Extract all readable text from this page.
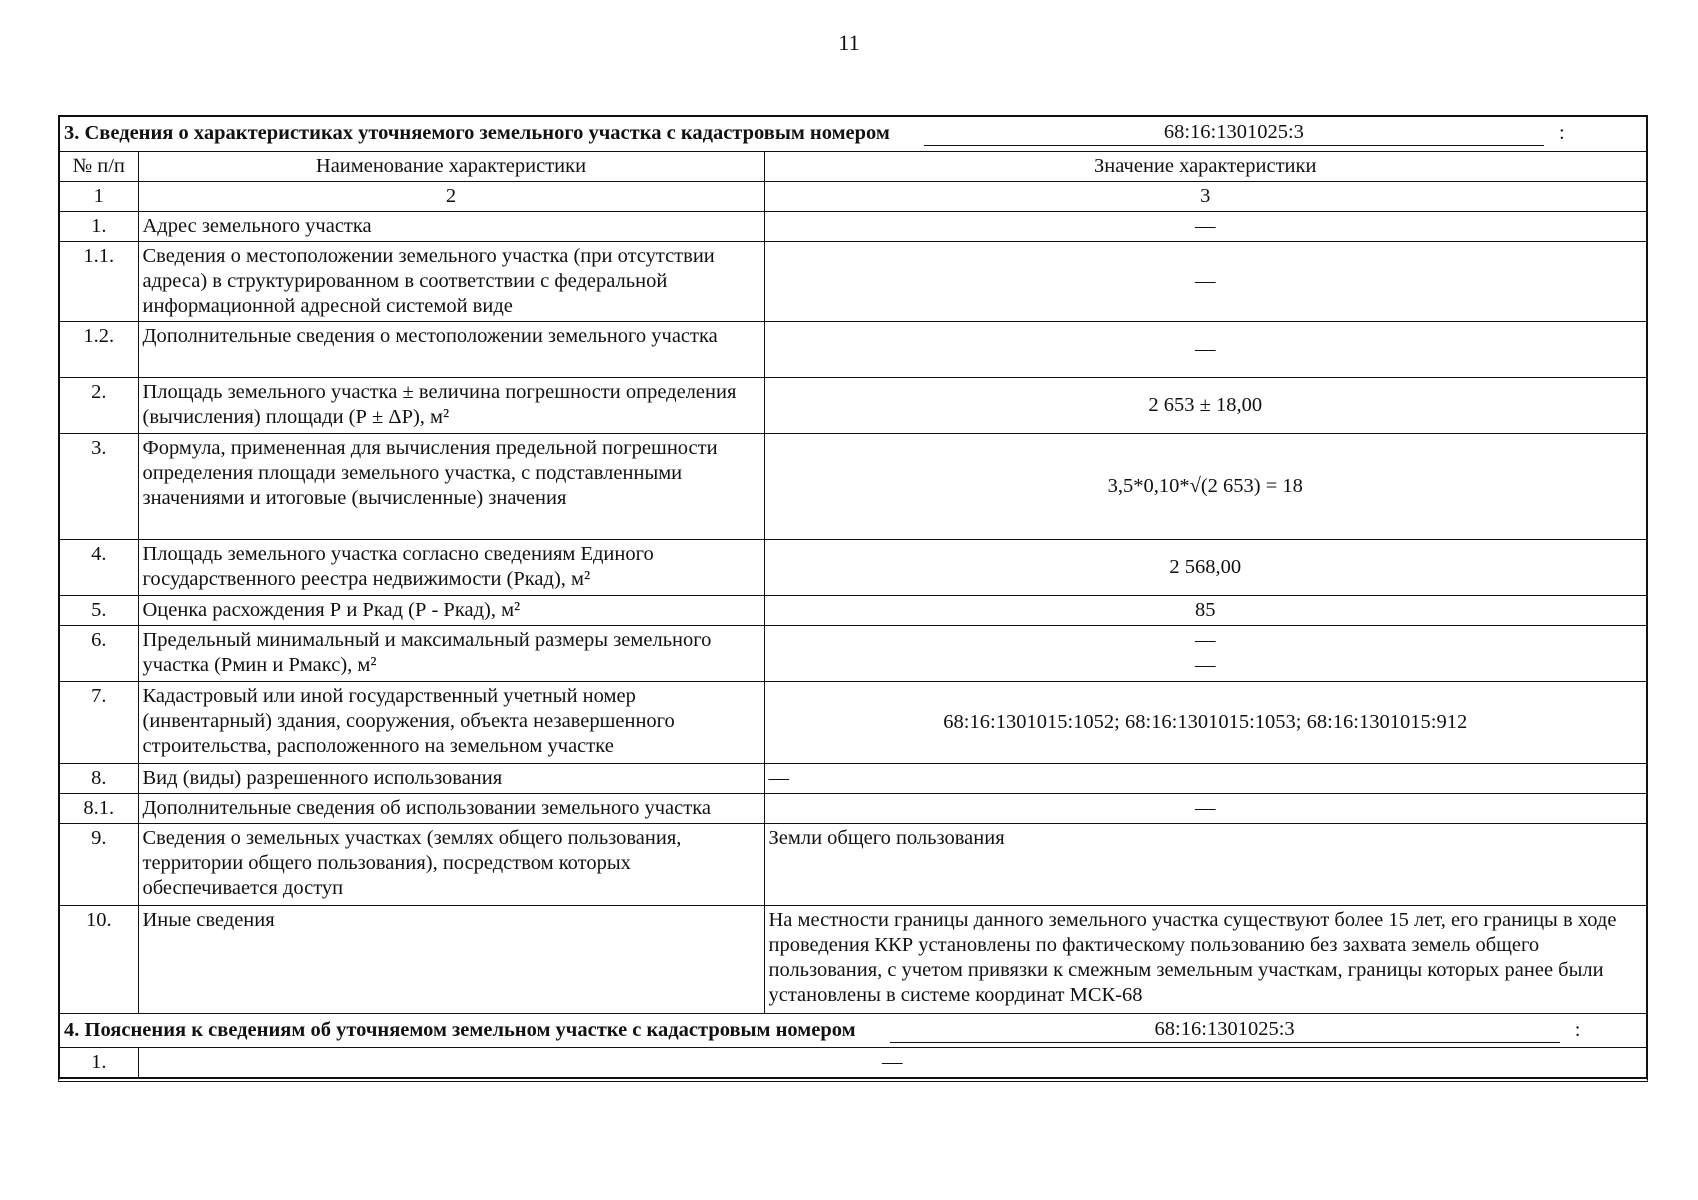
11
3. Сведения о характеристиках уточняемого земельного участка с кадастровым номером 68:16:1301025:3 :		

№ п/п	Наименование характеристики	Значение характеристики
1	2	3
1.	Адрес земельного участка	—
1.1.	Сведения о местоположении земельного участка (при отсутствии адреса) в структурированном в соответствии с федеральной информационной адресной системой виде	—
1.2.	Дополнительные сведения о местоположении земельного участка	—
2.	Площадь земельного участка ± величина погрешности определения (вычисления) площади (Р ± ΔР), м²	2 653 ± 18,00
3.	Формула, примененная для вычисления предельной погрешности определения площади земельного участка, с подставленными значениями и итоговые (вычисленные) значения	3,5*0,10*√(2 653) = 18
4.	Площадь земельного участка согласно сведениям Единого государственного реестра недвижимости (Ркад), м²	2 568,00
5.	Оценка расхождения Р и Ркад (Р - Ркад), м²	85
6.	Предельный минимальный и максимальный размеры земельного участка (Рмин и Рмакс), м²	—
—

7.	Кадастровый или иной государственный учетный номер (инвентарный) здания, сооружения, объекта незавершенного строительства, расположенного на земельном участке	68:16:1301015:1052; 68:16:1301015:1053; 68:16:1301015:912
8.	Вид (виды) разрешенного использования	—
8.1.	Дополнительные сведения об использовании земельного участка	—
9.	Сведения о земельных участках (землях общего пользования, территории общего пользования), посредством которых обеспечивается доступ	Земли общего пользования
10.	Иные сведения	На местности границы данного земельного участка существуют более 15 лет, его границы в ходе проведения ККР установлены по фактическому пользованию без захвата земель общего пользования, с учетом привязки к смежным земельным участкам, границы которых ранее были установлены в системе координат МСК-68

4. Пояснения к сведениям об уточняемом земельном участке с кадастровым номером 68:16:1301025:3 :		

1.	—	
